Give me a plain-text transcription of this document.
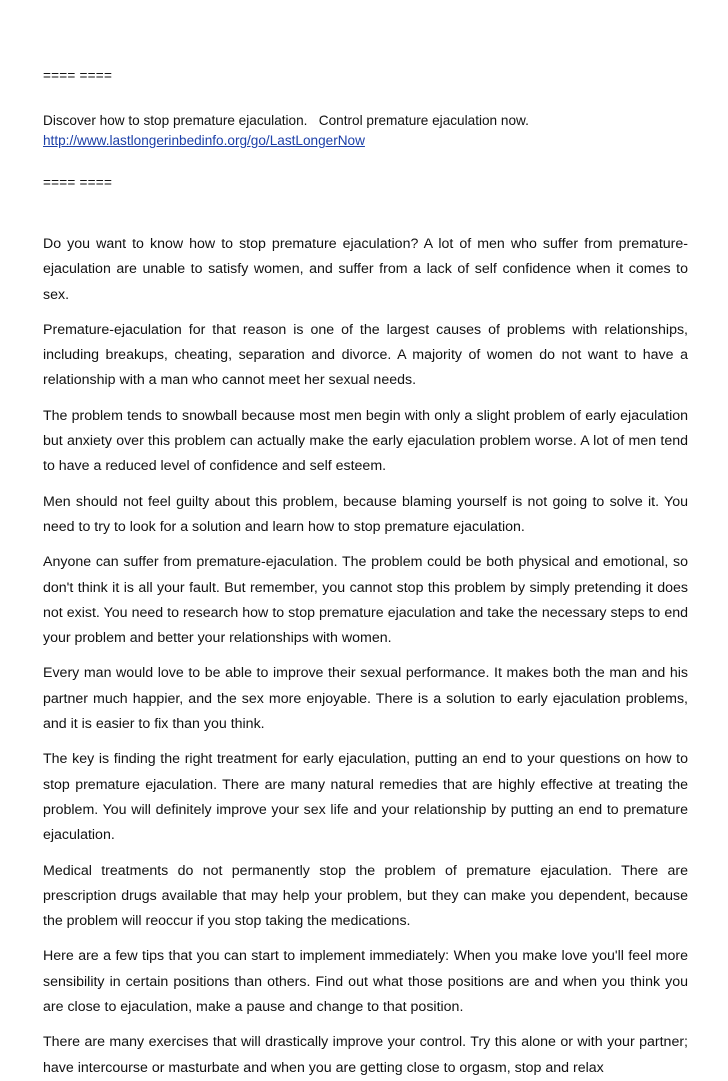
==== ====

Discover how to stop premature ejaculation.   Control premature ejaculation now.

http://www.lastlongerinbedinfo.org/go/LastLongerNow

==== ====

Do you want to know how to stop premature ejaculation? A lot of men who suffer from premature-ejaculation are unable to satisfy women, and suffer from a lack of self confidence when it comes to sex.

Premature-ejaculation for that reason is one of the largest causes of problems with relationships, including breakups, cheating, separation and divorce. A majority of women do not want to have a relationship with a man who cannot meet her sexual needs.

The problem tends to snowball because most men begin with only a slight problem of early ejaculation but anxiety over this problem can actually make the early ejaculation problem worse. A lot of men tend to have a reduced level of confidence and self esteem.

Men should not feel guilty about this problem, because blaming yourself is not going to solve it. You need to try to look for a solution and learn how to stop premature ejaculation.

Anyone can suffer from premature-ejaculation. The problem could be both physical and emotional, so don't think it is all your fault. But remember, you cannot stop this problem by simply pretending it does not exist. You need to research how to stop premature ejaculation and take the necessary steps to end your problem and better your relationships with women.

Every man would love to be able to improve their sexual performance. It makes both the man and his partner much happier, and the sex more enjoyable. There is a solution to early ejaculation problems, and it is easier to fix than you think.

The key is finding the right treatment for early ejaculation, putting an end to your questions on how to stop premature ejaculation. There are many natural remedies that are highly effective at treating the problem. You will definitely improve your sex life and your relationship by putting an end to premature ejaculation.

Medical treatments do not permanently stop the problem of premature ejaculation. There are prescription drugs available that may help your problem, but they can make you dependent, because the problem will reoccur if you stop taking the medications.

Here are a few tips that you can start to implement immediately: When you make love you'll feel more sensibility in certain positions than others. Find out what those positions are and when you think you are close to ejaculation, make a pause and change to that position.

There are many exercises that will drastically improve your control. Try this alone or with your partner; have intercourse or masturbate and when you are getting close to orgasm, stop and relax
